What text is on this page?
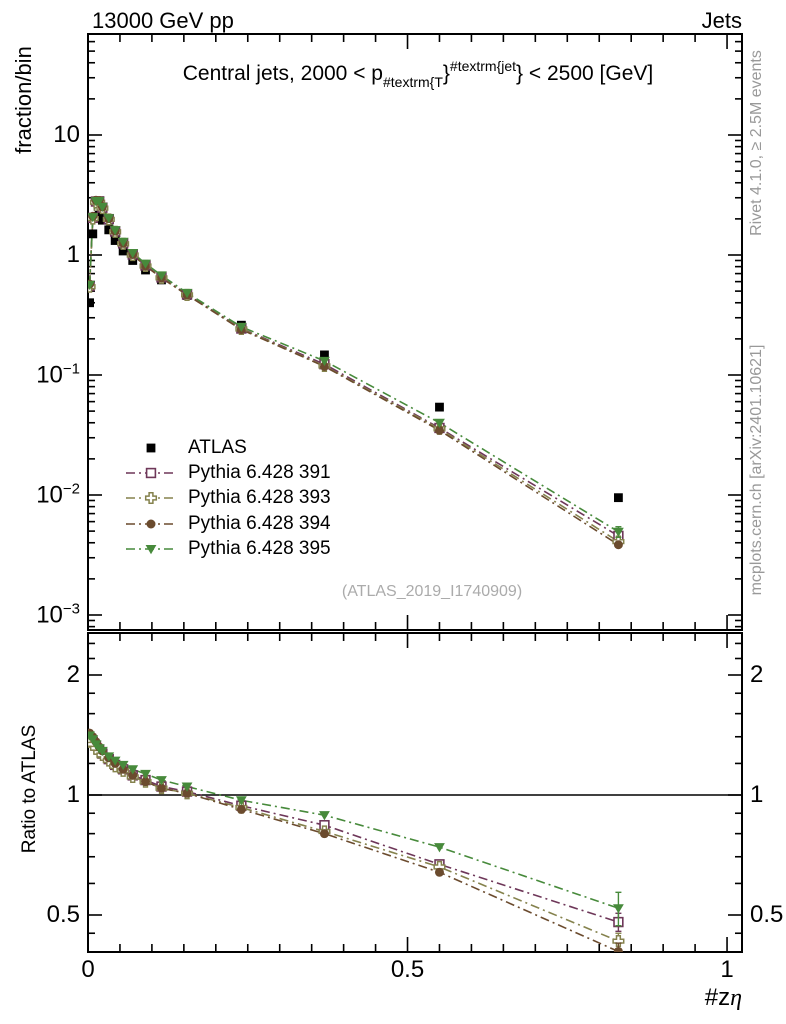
13000 GeV pp	Jets
Central jets, $2000 < p_{\#textrm\{T}\}^{\#textrm\{jet}\} < 2500$ [GeV]
fraction/bin
Ratio to ATLAS
#zη
Rivet 4.1.0, ≥ 2.5M events
mcplots.cern.ch [arXiv:2401.10621]
(ATLAS_2019_I1740909)
ATLAS
Pythia 6.428 391
Pythia 6.428 393
Pythia 6.428 394
Pythia 6.428 395
10
1
$10^{-1}$
$10^{-2}$
$10^{-3}$
2	2
1	1
0.5	0.5
0	0.5	1
